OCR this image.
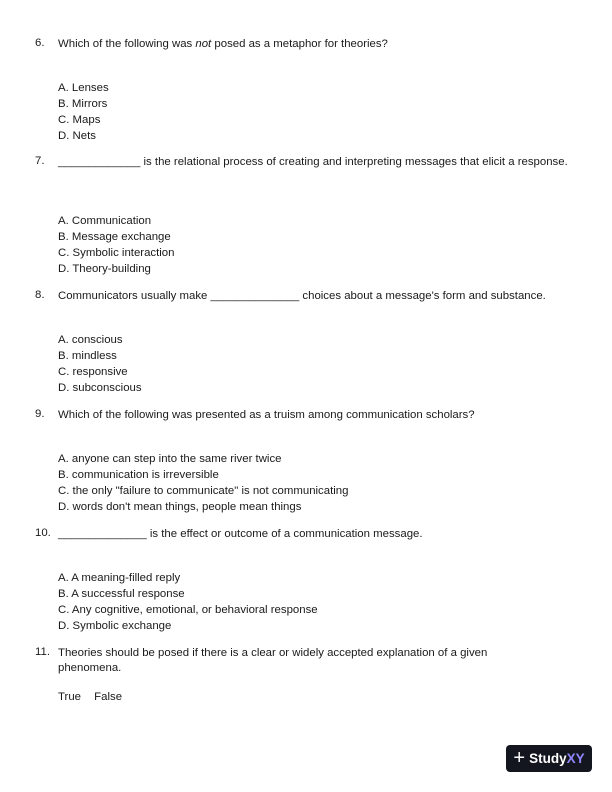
6. Which of the following was not posed as a metaphor for theories?
A. Lenses
B. Mirrors
C. Maps
D. Nets
7. _____________ is the relational process of creating and interpreting messages that elicit a response.
A. Communication
B. Message exchange
C. Symbolic interaction
D. Theory-building
8. Communicators usually make ______________ choices about a message's form and substance.
A. conscious
B. mindless
C. responsive
D. subconscious
9. Which of the following was presented as a truism among communication scholars?
A. anyone can step into the same river twice
B. communication is irreversible
C. the only "failure to communicate" is not communicating
D. words don't mean things, people mean things
10. ______________ is the effect or outcome of a communication message.
A. A meaning-filled reply
B. A successful response
C. Any cognitive, emotional, or behavioral response
D. Symbolic exchange
11. Theories should be posed if there is a clear or widely accepted explanation of a given phenomena.
True False
+ StudyXY
